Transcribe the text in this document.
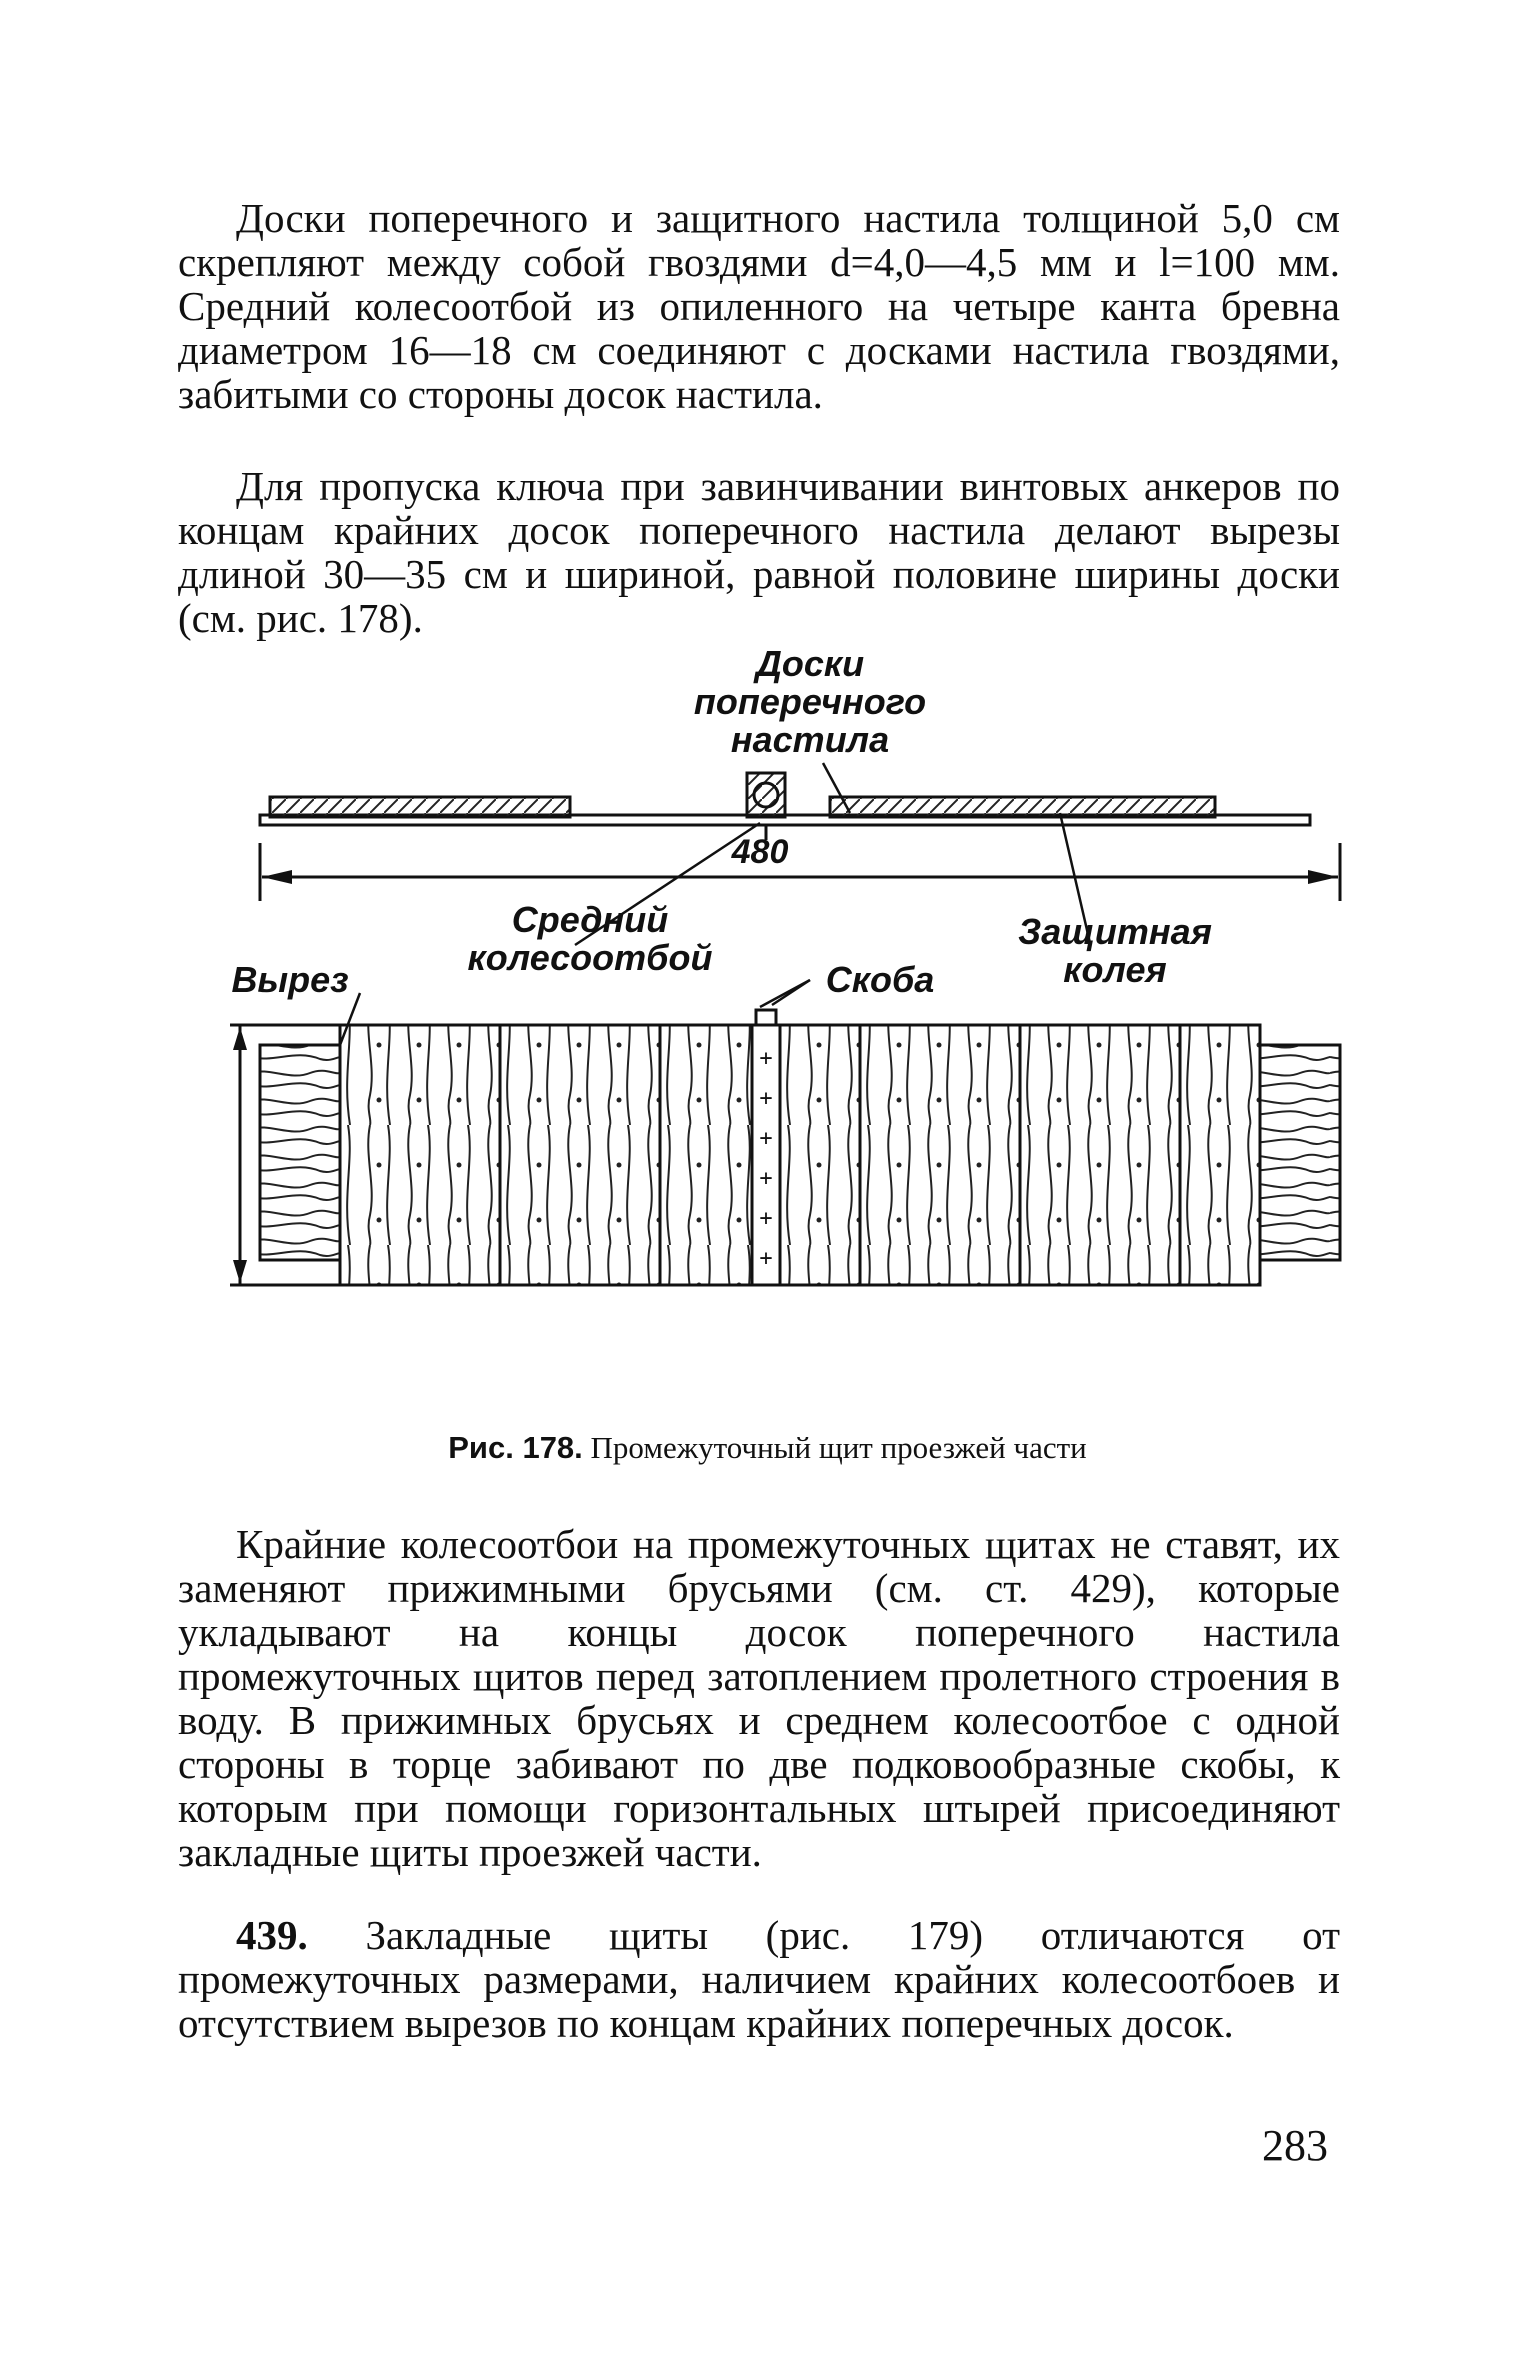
Доски поперечного и защитного настила толщиной 5,0 см скрепляют между собой гвоздями d=4,0—4,5 мм и l=100 мм. Средний колесоотбой из опиленного на четыре канта бревна диаметром 16—18 см соединяют с досками настила гвоздями, забитыми со стороны досок настила.

Для пропуска ключа при завинчивании винтовых анкеров по концам крайних досок поперечного настила делают вырезы длиной 30—35 см и шириной, равной половине ширины доски (см. рис. 178).

+
+
+
+
+
+
Доски поперечного настила
480
Средний колесоотбой
Защитная колея
Вырез	Скоба
Рис. 178. Промежуточный щит проезжей части

Крайние колесоотбои на промежуточных щитах не ставят, их заменяют прижимными брусьями (см. ст. 429), которые укладывают на концы досок поперечного настила промежуточных щитов перед затоплением пролетного строения в воду. В прижимных брусьях и среднем колесоотбое с одной стороны в торце забивают по две подковообразные скобы, к которым при помощи горизонтальных штырей присоединяют закладные щиты проезжей части.

439. Закладные щиты (рис. 179) отличаются от промежуточных размерами, наличием крайних колесоотбоев и отсутствием вырезов по концам крайних поперечных досок.

283
